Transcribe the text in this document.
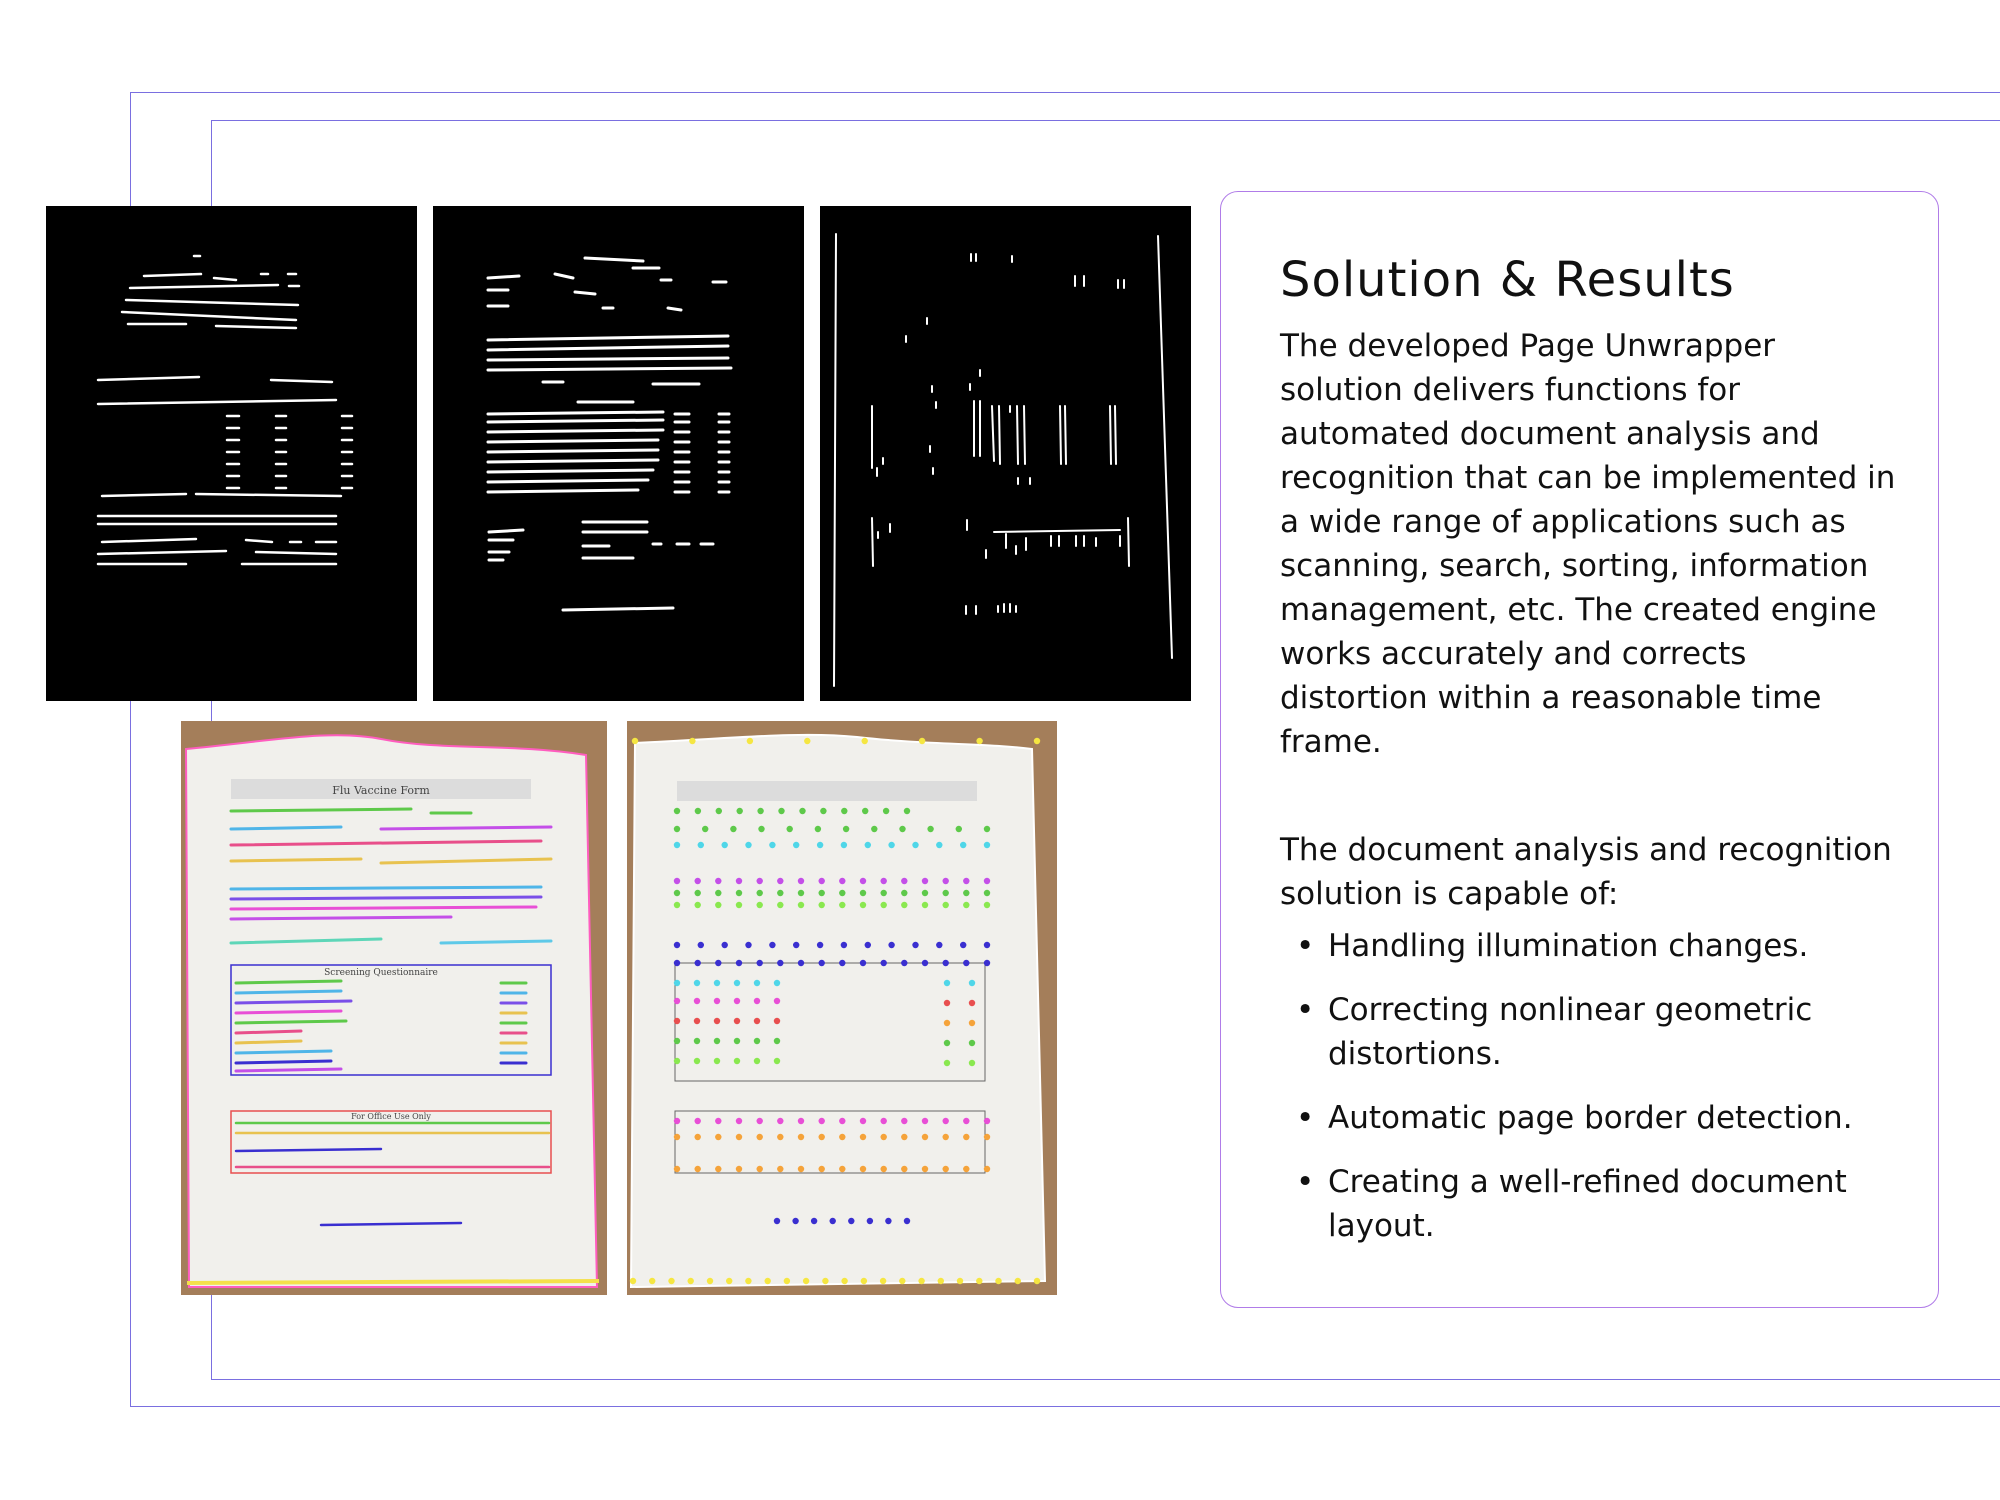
Flu Vaccine Form
Screening Questionnaire
For Office Use Only
Solution & Results

The developed Page Unwrapper solution delivers functions for automated document analysis and recognition that can be implemented in a wide range of applications such as scanning, search, sorting, information management, etc. The created engine works accurately and corrects distortion within a reasonable time frame.

The document analysis and recognition solution is capable of:

• Handling illumination changes.
• Correcting nonlinear geometric distortions.
• Automatic page border detection.
• Creating a well-refined document layout.
